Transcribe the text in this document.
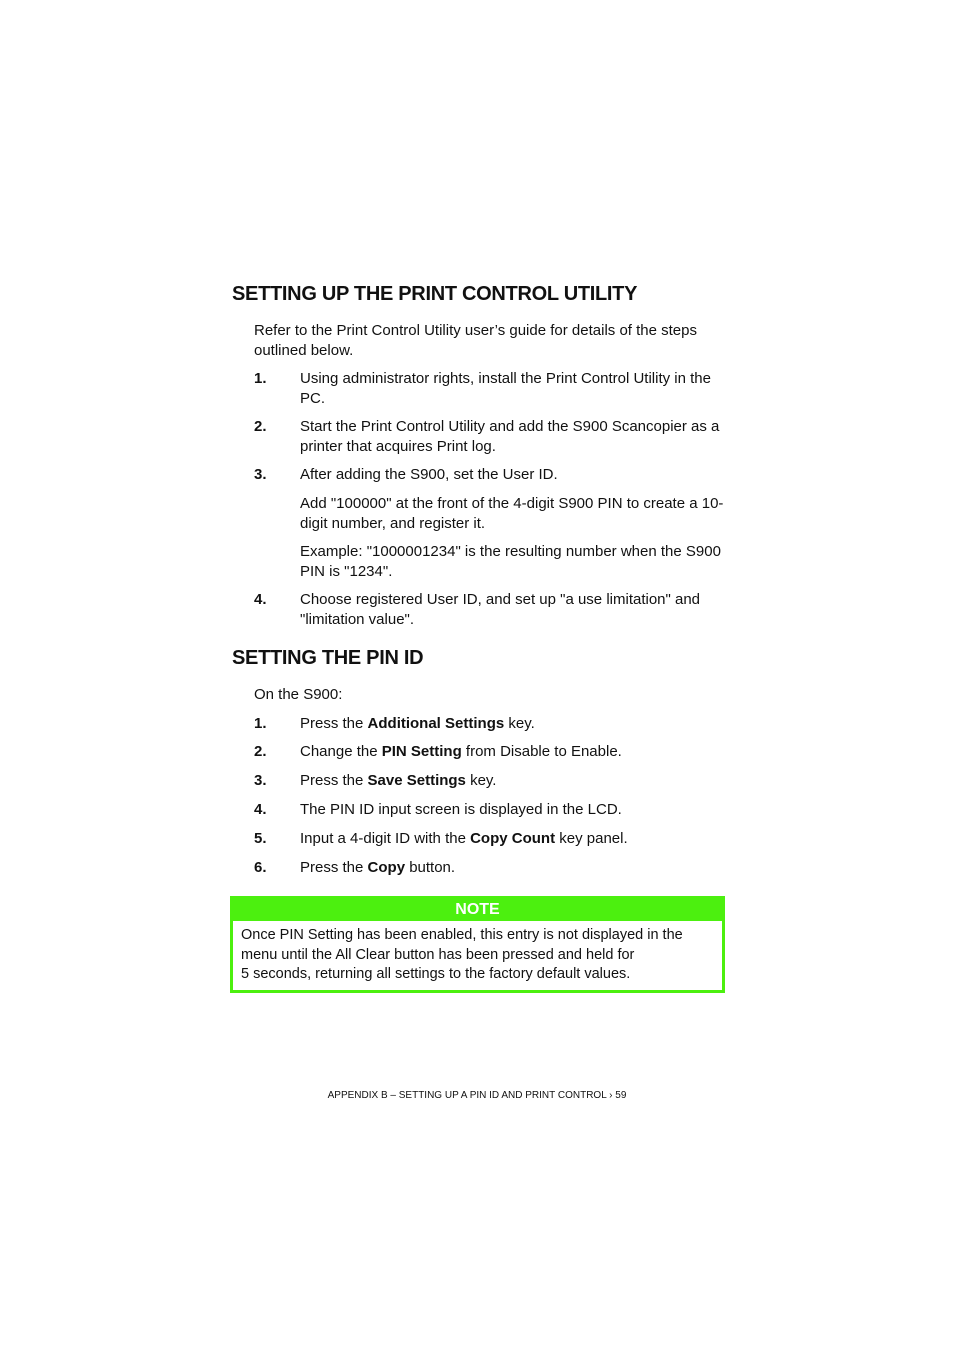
SETTING UP THE PRINT CONTROL UTILITY

Refer to the Print Control Utility user’s guide for details of the steps outlined below.

1. Using administrator rights, install the Print Control Utility in the PC.
2. Start the Print Control Utility and add the S900 Scancopier as a printer that acquires Print log.
3. After adding the S900, set the User ID.

Add "100000" at the front of the 4-digit S900 PIN to create a 10-digit number, and register it.

Example: "1000001234" is the resulting number when the S900 PIN is "1234".

4. Choose registered User ID, and set up "a use limitation" and "limitation value".
SETTING THE PIN ID

On the S900:

1. Press the Additional Settings key.
2. Change the PIN Setting from Disable to Enable.
3. Press the Save Settings key.
4. The PIN ID input screen is displayed in the LCD.
5. Input a 4-digit ID with the Copy Count key panel.
6. Press the Copy button.
NOTE
Once PIN Setting has been enabled, this entry is not displayed in the
menu until the All Clear button has been pressed and held for
5 seconds, returning all settings to the factory default values.
APPENDIX B – SETTING UP A PIN ID AND PRINT CONTROL › 59
